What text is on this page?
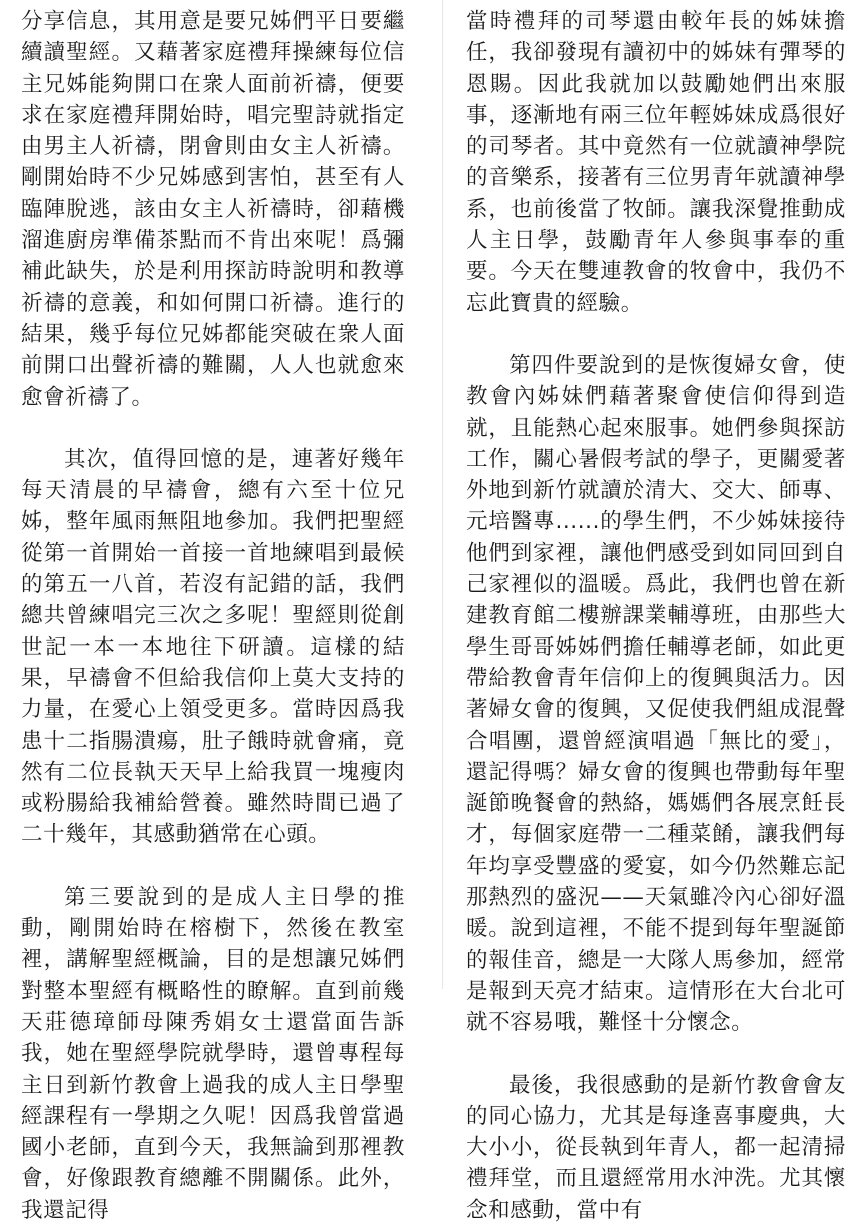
分享信息，其用意是要兄姊們平日要繼續讀聖經。又藉著家庭禮拜操練每位信主兄姊能夠開口在衆人面前祈禱，便要求在家庭禮拜開始時，唱完聖詩就指定由男主人祈禱，閉會則由女主人祈禱。剛開始時不少兄姊感到害怕，甚至有人臨陣脫逃，該由女主人祈禱時，卻藉機溜進廚房準備茶點而不肯出來呢！爲彌補此缺失，於是利用探訪時說明和教導祈禱的意義，和如何開口祈禱。進行的結果，幾乎每位兄姊都能突破在衆人面前開口出聲祈禱的難關，人人也就愈來愈會祈禱了。

其次，值得回憶的是，連著好幾年每天清晨的早禱會，總有六至十位兄姊，整年風雨無阻地參加。我們把聖經從第一首開始一首接一首地練唱到最候的第五一八首，若沒有記錯的話，我們總共曾練唱完三次之多呢！聖經則從創世記一本一本地往下研讀。這樣的結果，早禱會不但給我信仰上莫大支持的力量，在愛心上領受更多。當時因爲我患十二指腸潰瘍，肚子餓時就會痛，竟然有二位長執天天早上給我買一塊瘦肉或粉腸給我補給營養。雖然時間已過了二十幾年，其感動猶常在心頭。

第三要說到的是成人主日學的推動，剛開始時在榕樹下，然後在教室裡，講解聖經概論，目的是想讓兄姊們對整本聖經有概略性的瞭解。直到前幾天莊德璋師母陳秀娟女士還當面告訴我，她在聖經學院就學時，還曾專程每主日到新竹教會上過我的成人主日學聖經課程有一學期之久呢！因爲我曾當過國小老師，直到今天，我無論到那裡教會，好像跟教育總離不開關係。此外，我還記得

當時禮拜的司琴還由較年長的姊妹擔任，我卻發現有讀初中的姊妹有彈琴的恩賜。因此我就加以鼓勵她們出來服事，逐漸地有兩三位年輕姊妹成爲很好的司琴者。其中竟然有一位就讀神學院的音樂系，接著有三位男青年就讀神學系，也前後當了牧師。讓我深覺推動成人主日學，鼓勵青年人參與事奉的重要。今天在雙連教會的牧會中，我仍不忘此寶貴的經驗。

第四件要說到的是恢復婦女會，使教會內姊妹們藉著聚會使信仰得到造就，且能熱心起來服事。她們參與探訪工作，關心暑假考試的學子，更關愛著外地到新竹就讀於清大、交大、師專、元培醫專......的學生們，不少姊妹接待他們到家裡，讓他們感受到如同回到自己家裡似的溫暖。爲此，我們也曾在新建教育館二樓辦課業輔導班，由那些大學生哥哥姊姊們擔任輔導老師，如此更帶給教會青年信仰上的復興與活力。因著婦女會的復興，又促使我們組成混聲合唱團，還曾經演唱過「無比的愛」，還記得嗎？婦女會的復興也帶動每年聖誕節晚餐會的熱絡，媽媽們各展烹飪長才，每個家庭帶一二種菜餚，讓我們每年均享受豐盛的愛宴，如今仍然難忘記那熱烈的盛況——天氣雖冷內心卻好溫暖。說到這裡，不能不提到每年聖誕節的報佳音，總是一大隊人馬參加，經常是報到天亮才結束。這情形在大台北可就不容易哦，難怪十分懷念。

最後，我很感動的是新竹教會會友的同心協力，尤其是每逢喜事慶典，大大小小，從長執到年青人，都一起清掃禮拜堂，而且還經常用水沖洗。尤其懷念和感動，當中有
